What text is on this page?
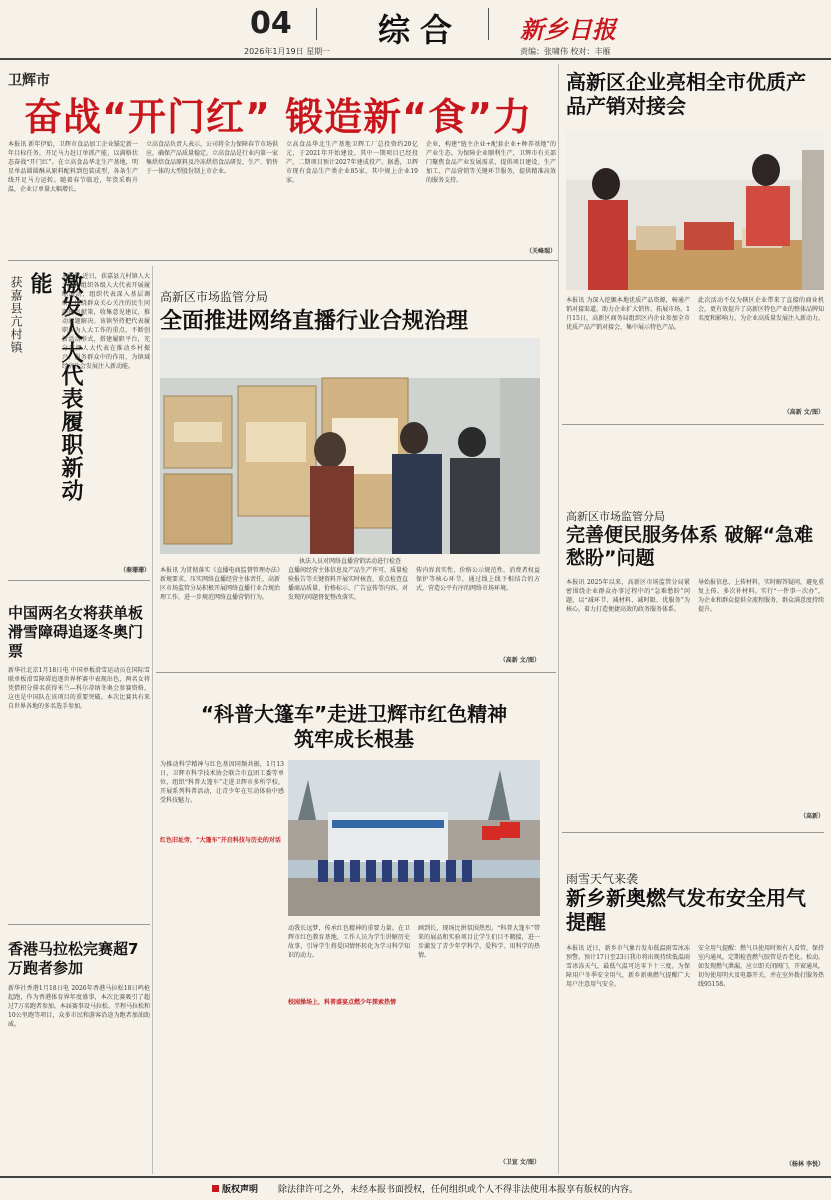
04	综合 新乡日报
2026年1月19日 星期一	责编：张啸伟 校对：丰雁
卫辉市
奋战“开门红” 锻造新“食”力
本报讯 新年伊始，卫辉市食品加工企业锚定新一年目标任务，开足马力赶订单抓产能，以满格状态奋战“开门红”。在立高食品华北生产基地，明星单品圆圆酥从原料配料到包装成型，各条生产线开足马力运转。随着春节临近，年货采购升温，企业订单量大幅增长。
立高食品负责人表示，公司将全力保障春节市场供应，确保产品质量稳定。立高食品是行业内第一家集烘焙食品原料及冷冻烘焙食品研发、生产、销售于一体的大型股份制上市企业。
立高食品华北生产基地卫辉工厂总投资约20亿元，于2021年开始建设。其中一期项目已经投产，二期项目预计2027年建成投产。据悉，卫辉市现有食品生产类企业85家，其中规上企业19家。
企业，构建“链主企业+配套企业+种养基地”的产业生态。为保障企业顺利生产，卫辉市有关部门聚焦食品产业发展需求，提供项目建设、生产加工、产品营销等关键环节服务，提供精准高效的服务支持。
（关峰瑞）
激发人大代表履职新动能
获嘉县亢村镇	本报讯 近日，获嘉县亢村镇人大主席团组织各级人大代表开展履职活动，组织代表深入基层调研，围绕群众关心关注的民生问题建言献策，收集意见建议，推动问题解决。该镇坚持把代表履职作为人大工作的重点，不断创新活动形式，搭建履职平台，充分发挥人大代表在推动乡村振兴、服务群众中的作用，为镇域经济社会发展注入新动能。
（秦珊珊）
高新区市场监管分局
全面推进网络直播行业合规治理
执法人员对网络直播营销活动进行检查
本报讯 为贯彻落实《直播电商监督管理办法》新规要求，压实网络直播经营主体责任，高新区市场监管分局积极开展网络直播行业合规治理工作，进一步规范网络直播营销行为。
直播间经营主体信息及产品生产许可、质量检验报告等关键资料开展实时核查，重点检查直播商品质量、价格标示、广告宣传等内容，对发现的问题督促整改落实。
传内容真实性、价格公示规范性、消费者权益保护等核心环节，通过线上线下相结合的方式，营造公平有序的网络市场环境。
（高新 文/图）
高新区企业亮相全市优质产品产销对接会
本报讯 为深入挖掘本地优质产品资源，畅通产销对接渠道，助力企业扩大销售、拓展市场，1月15日，高新区商务局组织区内企业参加全市优质产品产销对接会，集中展示特色产品。
此次活动不仅为辖区企业带来了直接的商业机会，更有效提升了高新区特色产业的整体品牌知名度和影响力，为企业高质量发展注入新动力。
（高新 文/图）
高新区市场监管分局
完善便民服务体系 破解“急难愁盼”问题
本报讯 2025年以来，高新区市场监管分局紧密围绕企业群众办事过程中的“急难愁盼”问题，以“减环节、减材料、减时限、优服务”为核心，着力打造便捷高效的政务服务体系。
导始报信息、上传材料，实时解答疑问，避免重复上传、多次补材料。实行“一件事一次办”，为企业和群众提供全流程服务，群众满意度持续提升。
（高新）
雨雪天气来袭
新乡新奥燃气发布安全用气提醒
本报讯 近日，新乡市气象台发布低温雨雪冰冻预警。预计17日至23日我市将出现持续低温雨雪冰冻天气，最低气温可达零下十三度。为保障用户冬季安全用气，新乡新奥燃气提醒广大用户注意用气安全。
安全用气提醒：燃气具使用时须有人看管，保持室内通风，定期检查燃气胶管是否老化、松动。如发现燃气泄漏，应立即关闭阀门，开窗通风，切勿使用明火及电器开关，并在室外拨打服务热线95158。
（杨林 李悦）
中国两名女将获单板滑雪障碍追逐冬奥门票
新华社北京1月18日电 中国单板滑雪运动员在国际雪联单板滑雪障碍追逐世界杯赛中表现出色，两名女将凭借积分排名获得米兰—科尔蒂纳冬奥会参赛资格，这也是中国队在该项目的重要突破。本次比赛共有来自世界各地的多名选手参加。
香港马拉松完赛超7万跑者参加
新华社香港1月18日电 2026年香港马拉松18日鸣枪起跑，作为香港体育界年度盛事，本次比赛吸引了超过7万名跑者参加。本届赛事设马拉松、半程马拉松和10公里跑等项目，众多市民和游客沿途为跑者加油助威。
“科普大篷车”走进卫辉市红色精神筑牢成长根基
为推动科学精神与红色基因同频共振，1月13日，卫辉市科学技术协会联合市直团工委等单位，组织“科普大篷车”走进卫辉市多所学校，开展系列科普活动，让青少年在互动体验中感受科技魅力。
红色旧址旁，“大篷车”开启科技与历史的对话
动我长远梦，传承红色精神的重要力量。在卫辉市红色教育基地，工作人员为学生讲解历史故事，引导学生将爱国情怀转化为学习科学知识的动力。
校园操场上，科普盛宴点燃少年探索热情
画到长，现场比拼氛围热烈。“科普大篷车”带来的展品和实验项目让学生们目不暇接，进一步激发了青少年学科学、爱科学、用科学的热情。
（卫宣 文/图）
版权声明 除法律许可之外，未经本报书面授权，任何组织或个人不得非法使用本报享有版权的内容。
